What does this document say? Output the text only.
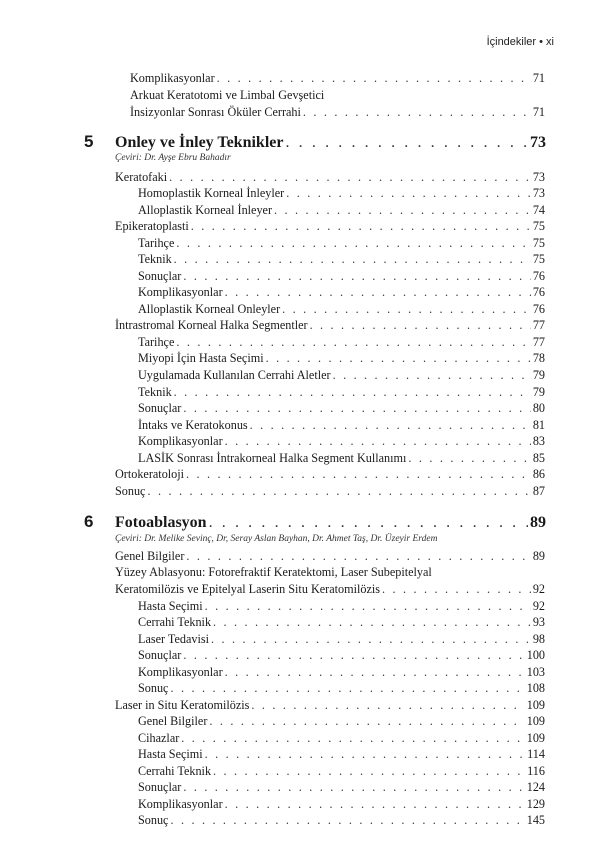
İçindekiler • xi
Komplikasyonlar . . .	71
Arkuat Keratotomi ve Limbal Gevşetici
İnsizyonlar Sonrası Öküler Cerrahi . . .	71
5 Onley ve İnley Teknikler . . .	73
Çeviri: Dr. Ayşe Ebru Bahadır
Keratofaki . . .	73
Homoplastik Korneal İnleyler . . .	73
Alloplastik Korneal İnleyer . . .	74
Epikeratoplasti . . .	75
Tarihçe . . .	75
Teknik . . .	75
Sonuçlar . . .	76
Komplikasyonlar . . .	76
Alloplastik Korneal Onleyler . . .	76
İntrastromal Korneal Halka Segmentler . . .	77
Tarihçe . . .	77
Miyopi İçin Hasta Seçimi . . .	78
Uygulamada Kullanılan Cerrahi Aletler . . .	79
Teknik . . .	79
Sonuçlar . . .	80
İntaks ve Keratokonus . . .	81
Komplikasyonlar . . .	83
LASİK Sonrası İntrakorneal Halka Segment Kullanımı . . .	85
Ortokeratoloji . . .	86
Sonuç . . .	87
6 Fotoablasyon . . .	89
Çeviri: Dr. Melike Sevinç, Dr, Seray Aslan Bayhan, Dr. Ahmet Taş, Dr. Üzeyir Erdem
Genel Bilgiler . . .	89
Yüzey Ablasyonu: Fotorefraktif Keratektomi, Laser Subepitelyal
Keratomilözis ve Epitelyal Laserin Situ Keratomilözis . . .	92
Hasta Seçimi . . .	92
Cerrahi Teknik . . .	93
Laser Tedavisi . . .	98
Sonuçlar . . .	100
Komplikasyonlar . . .	103
Sonuç . . .	108
Laser in Situ Keratomilözis . . .	109
Genel Bilgiler . . .	109
Cihazlar . . .	109
Hasta Seçimi . . .	114
Cerrahi Teknik . . .	116
Sonuçlar . . .	124
Komplikasyonlar . . .	129
Sonuç . . .	145
